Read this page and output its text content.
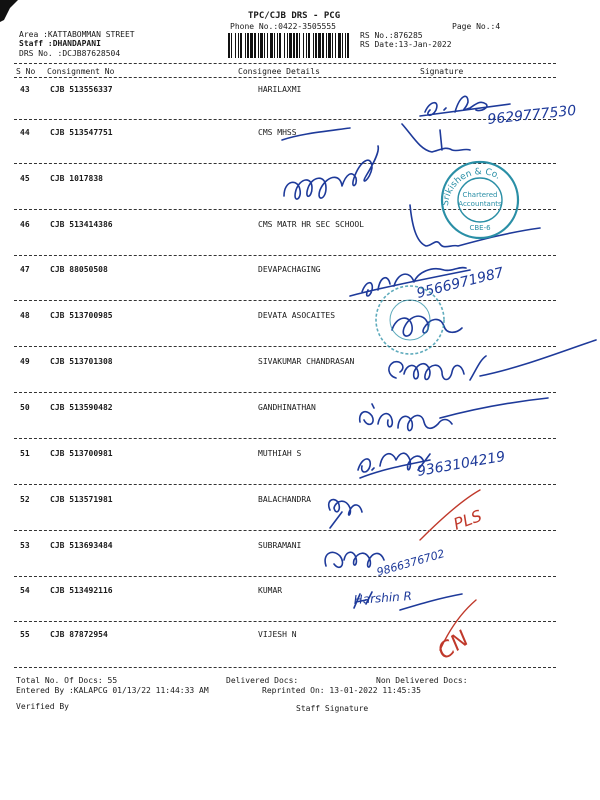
TPC/CJB DRS - PCG
Phone No.:0422-3505555	Page No.:4
Area :KATTABOMMAN STREET
Staff :DHANDAPANI
DRS No. :DCJB87628504
RS No.:876285
RS Date:13-Jan-2022
S No Consignment No	Consignee Details	Signature
43	CJB 513556337	HARILAXMI
44	CJB 513547751	CMS MHSS
45	CJB 1017838
46	CJB 513414386	CMS MATR HR SEC SCHOOL
47	CJB 88050508	DEVAPACHAGING
48	CJB 513700985	DEVATA ASOCAITES
49	CJB 513701308	SIVAKUMAR CHANDRASAN
50	CJB 513590482	GANDHINATHAN
51	CJB 513700981	MUTHIAH S
52	CJB 513571981	BALACHANDRA
53	CJB 513693484	SUBRAMANI
54	CJB 513492116	KUMAR
55	CJB 87872954	VIJESH N
Total No. Of Docs: 55	Delivered Docs:	Non Delivered Docs:
Entered By :KALAPCG 01/13/22 11:44:33 AM	Reprinted On: 13-01-2022 11:45:35
Verified By	Staff Signature
9629777530
9566971987
9363104219
9866376702
Harshin R
PLS
CN
Srikishen & Co.
Chartered
Accountants
CBE-6
